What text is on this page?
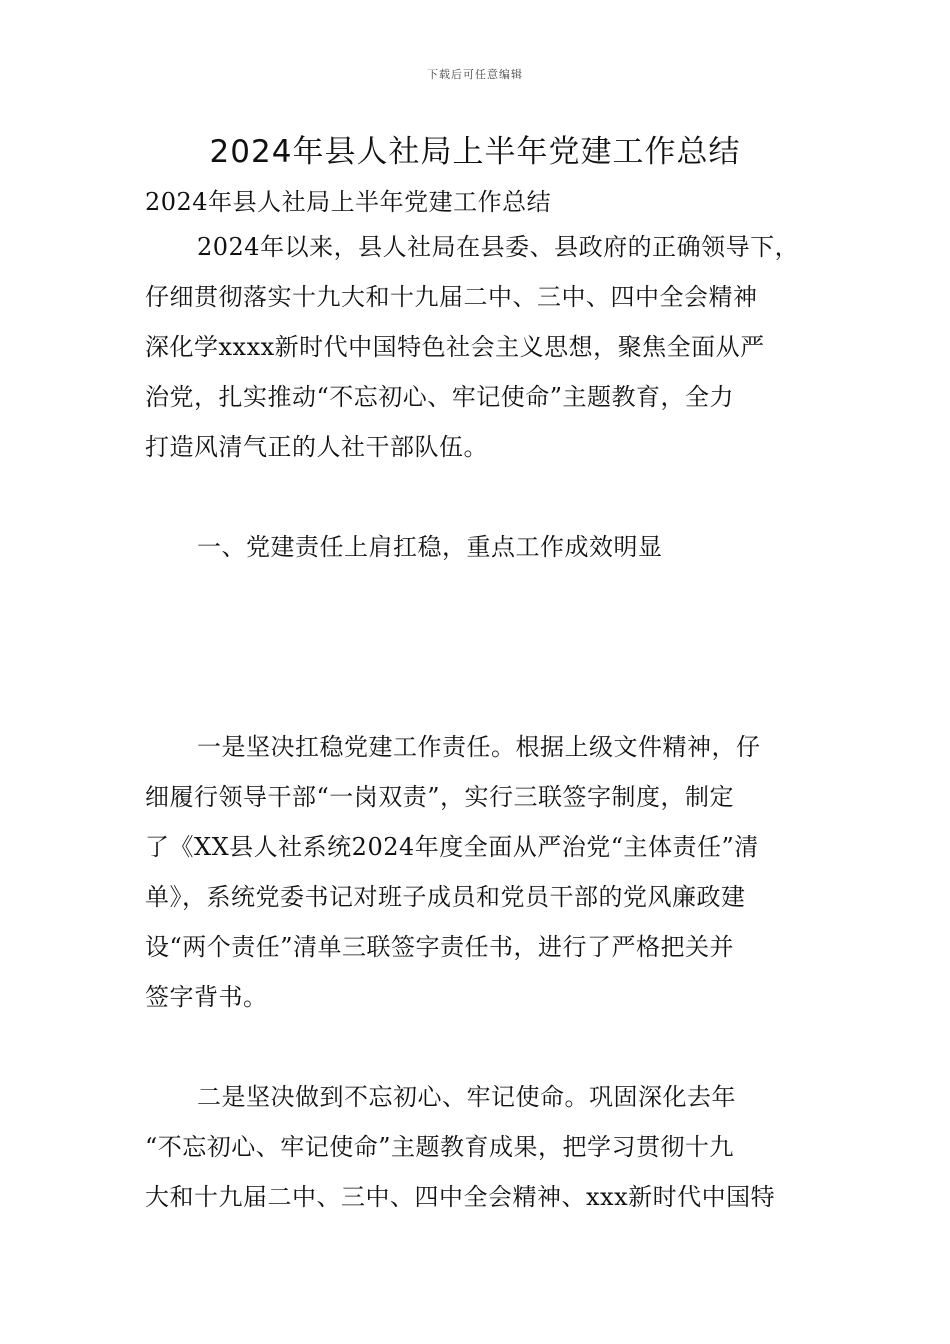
下载后可任意编辑
2024年县人社局上半年党建工作总结

2024年县人社局上半年党建工作总结

2024年以来，县人社局在县委、县政府的正确领导下，
仔细贯彻落实十九大和十九届二中、三中、四中全会精神
深化学xxxx新时代中国特色社会主义思想，聚焦全面从严
治党，扎实推动“不忘初心、牢记使命”主题教育，全力
打造风清气正的人社干部队伍。

一、党建责任上肩扛稳，重点工作成效明显

一是坚决扛稳党建工作责任。根据上级文件精神，仔
细履行领导干部“一岗双责”，实行三联签字制度，制定
了《XX县人社系统2024年度全面从严治党“主体责任”清
单》，系统党委书记对班子成员和党员干部的党风廉政建
设“两个责任”清单三联签字责任书，进行了严格把关并
签字背书。

二是坚决做到不忘初心、牢记使命。巩固深化去年
“不忘初心、牢记使命”主题教育成果，把学习贯彻十九
大和十九届二中、三中、四中全会精神、xxx新时代中国特
